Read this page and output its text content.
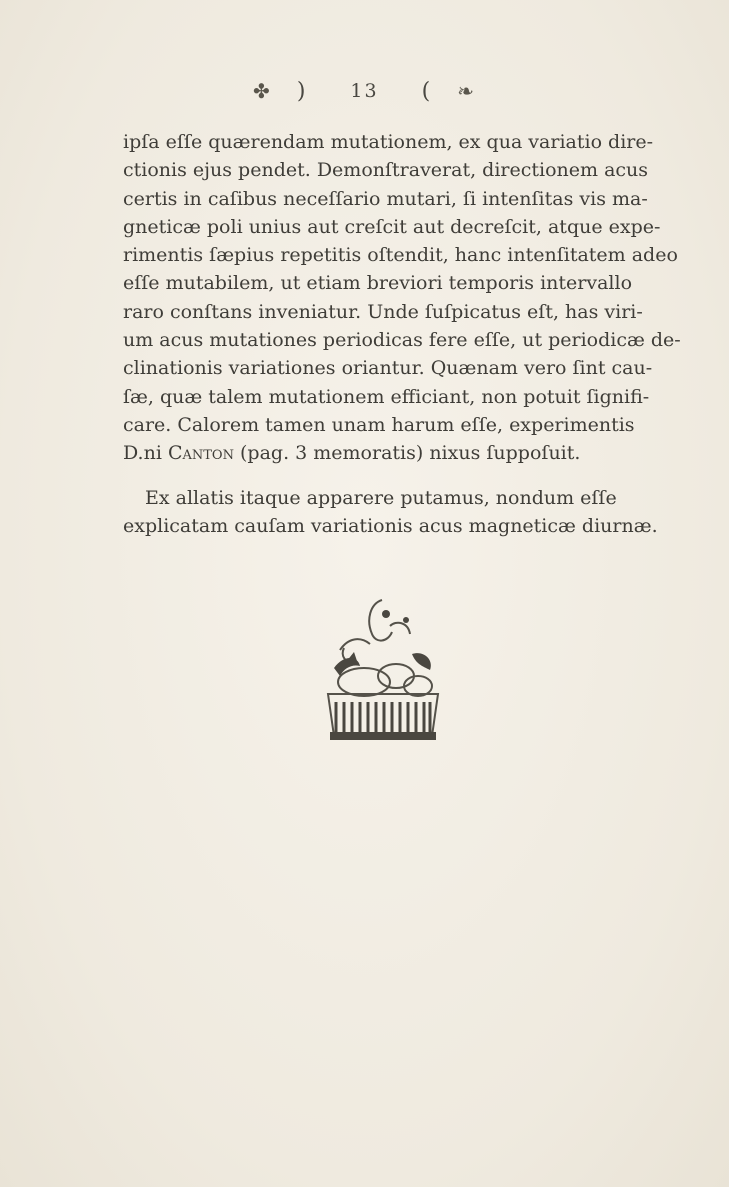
✤ ) 13 ( ❧
ipſa eſſe quærendam mutationem, ex qua variatio dire-
ctionis ejus pendet. Demonſtraverat, directionem acus
certis in caſibus neceſſario mutari, ſi intenſitas vis ma-
gneticæ poli unius aut creſcit aut decreſcit, atque expe-
rimentis ſæpius repetitis oſtendit, hanc intenſitatem adeo
eſſe mutabilem, ut etiam breviori temporis intervallo
raro conſtans inveniatur. Unde ſuſpicatus eſt, has viri-
um acus mutationes periodicas fere eſſe, ut periodicæ de-
clinationis variationes oriantur. Quænam vero ſint cau-
ſæ, quæ talem mutationem efficiant, non potuit ſignifi-
care. Calorem tamen unam harum eſſe, experimentis
D.ni Canton (pag. 3 memoratis) nixus ſuppoſuit.
Ex allatis itaque apparere putamus, nondum eſſe
explicatam cauſam variationis acus magneticæ diurnæ.
